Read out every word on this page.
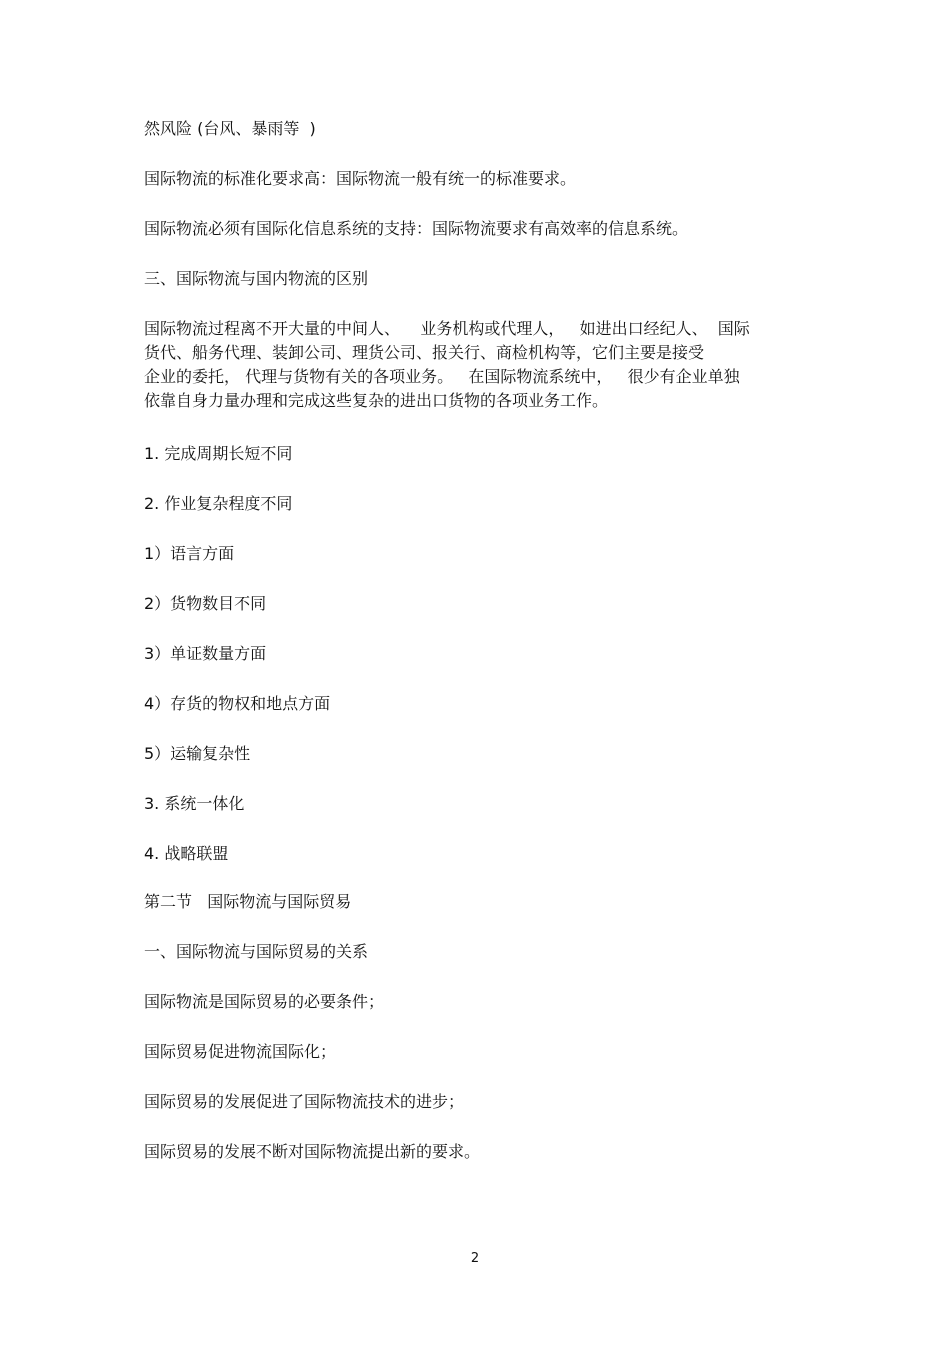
然风险 (台风、暴雨等  )
国际物流的标准化要求高：国际物流一般有统一的标准要求。
国际物流必须有国际化信息系统的支持：国际物流要求有高效率的信息系统。
三、国际物流与国内物流的区别
国际物流过程离不开大量的中间人、    业务机构或代理人，   如进出口经纪人、  国际
货代、船务代理、装卸公司、理货公司、报关行、商检机构等，它们主要是接受
企业的委托， 代理与货物有关的各项业务。   在国际物流系统中，   很少有企业单独
依靠自身力量办理和完成这些复杂的进出口货物的各项业务工作。
1. 完成周期长短不同
2. 作业复杂程度不同
1）语言方面
2）货物数目不同
3）单证数量方面
4）存货的物权和地点方面
5）运输复杂性
3. 系统一体化
4. 战略联盟
第二节   国际物流与国际贸易
一、国际物流与国际贸易的关系
国际物流是国际贸易的必要条件；
国际贸易促进物流国际化；
国际贸易的发展促进了国际物流技术的进步；
国际贸易的发展不断对国际物流提出新的要求。
2
